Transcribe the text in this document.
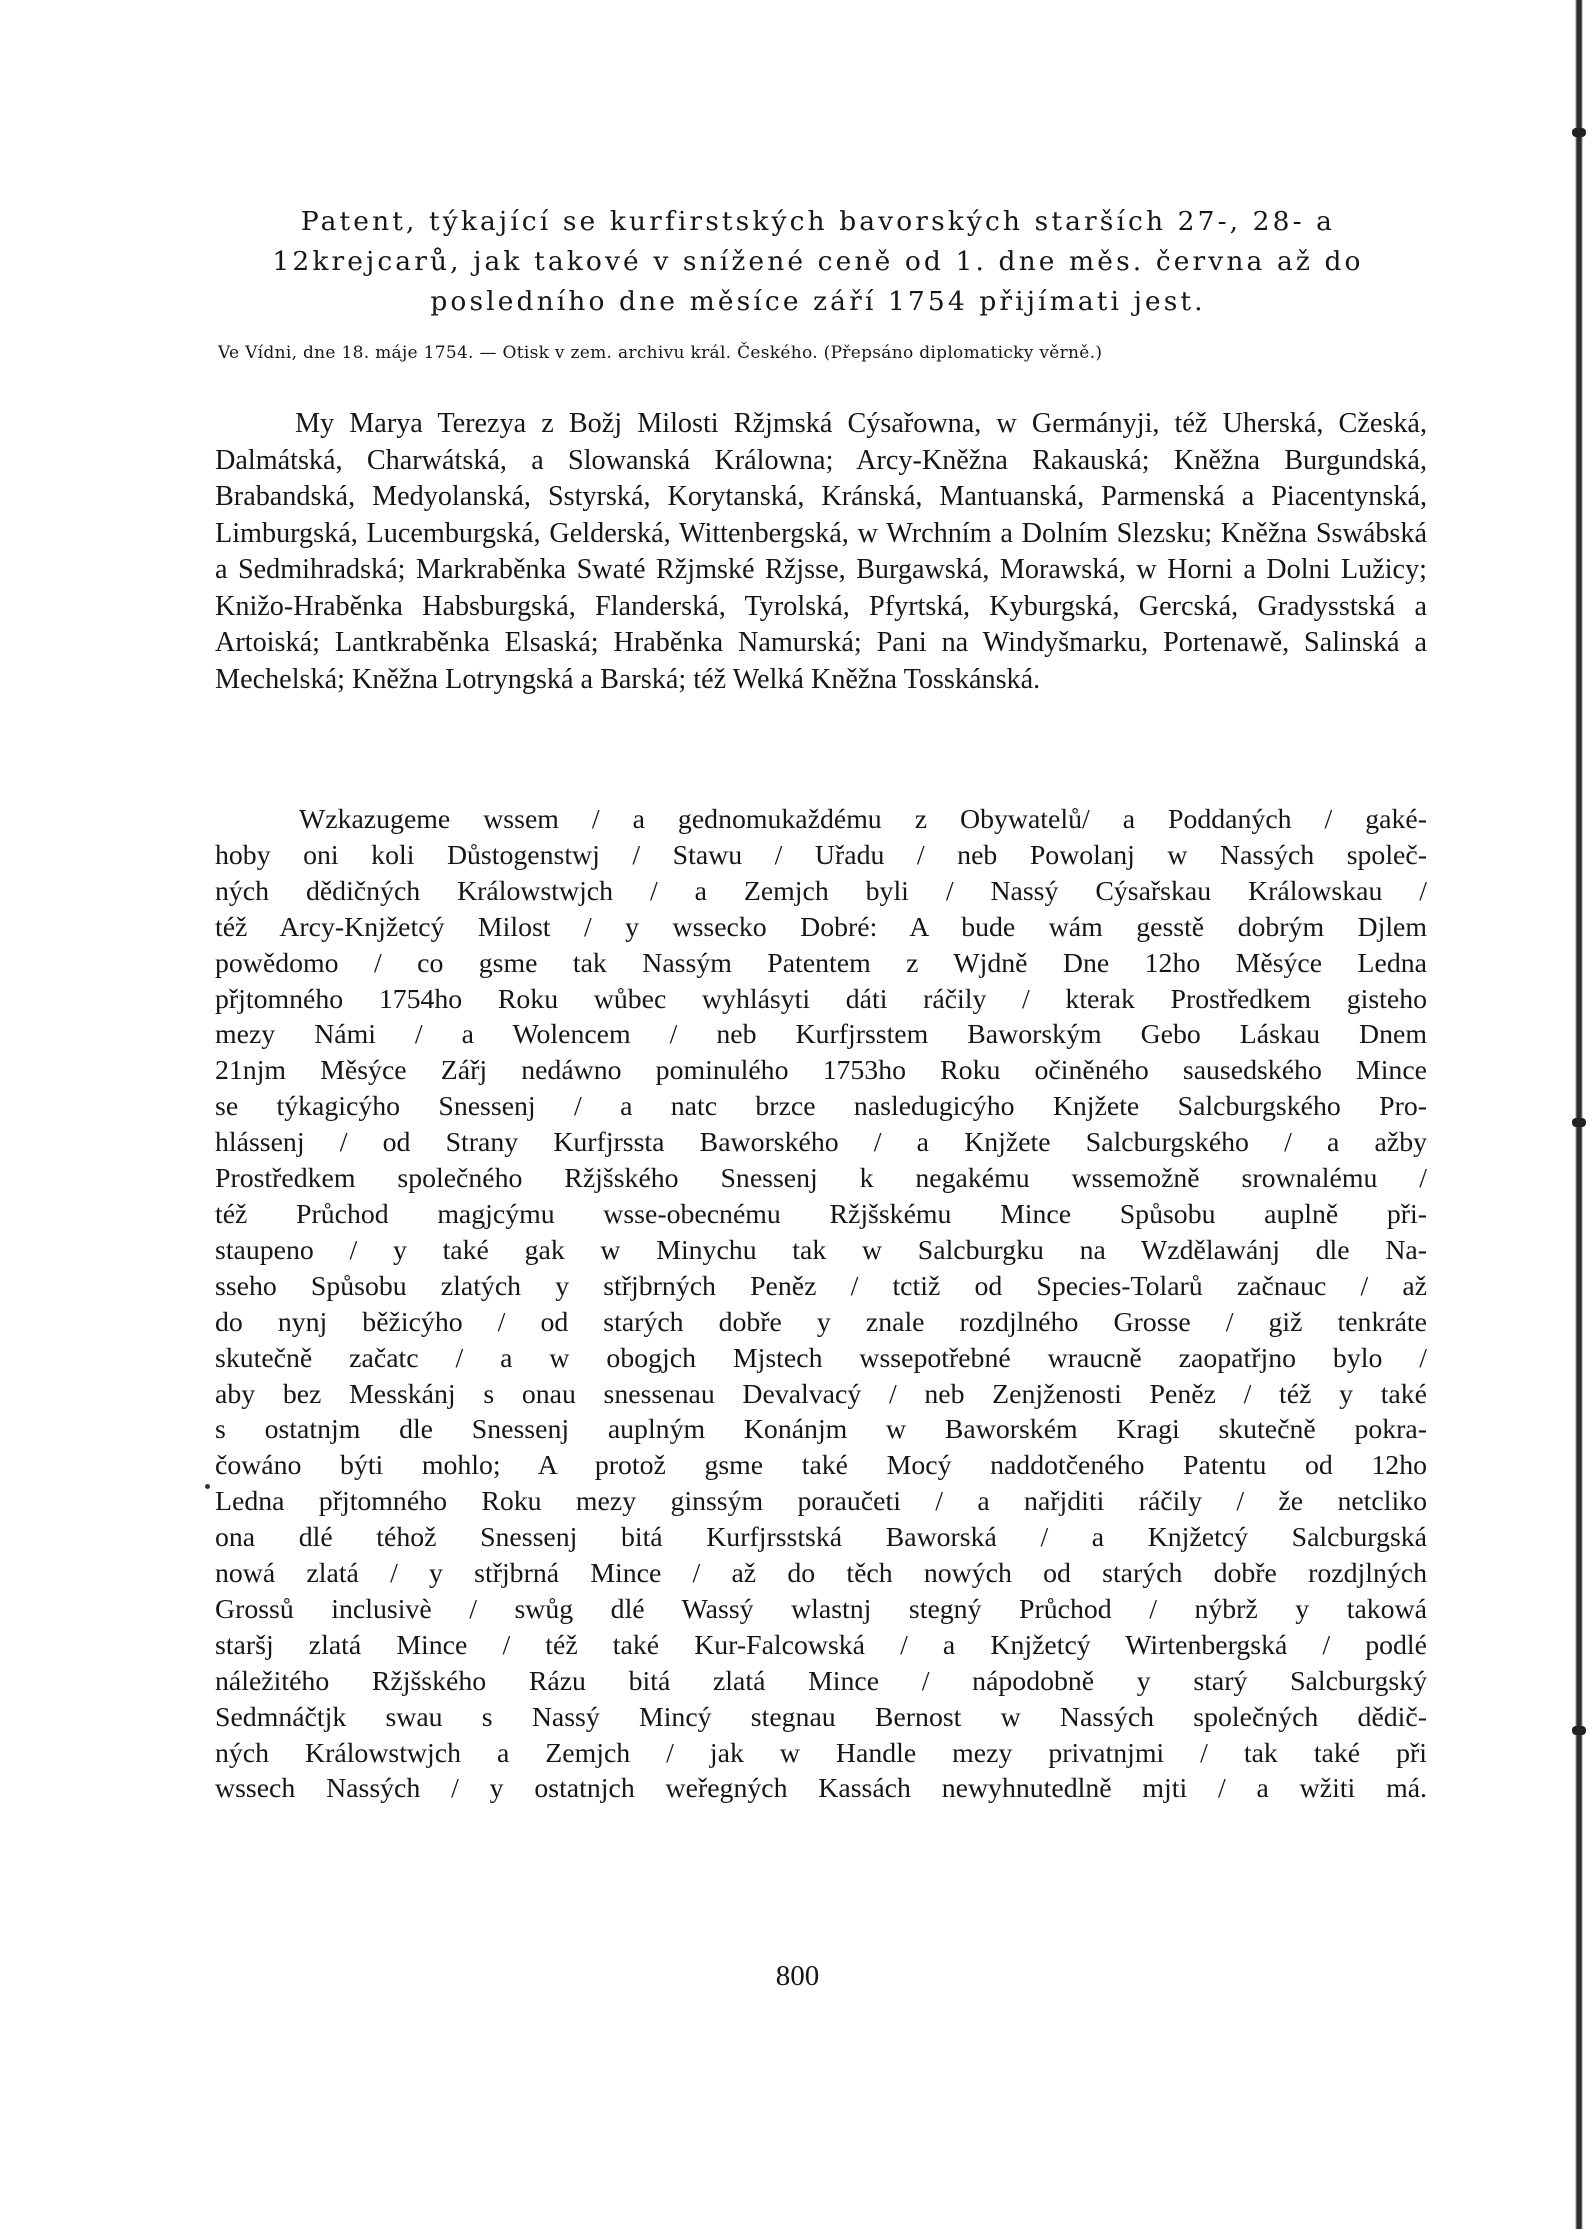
Patent, týkající se kurfirstských bavorských starších 27-, 28- a 12krejcarů, jak takové v snížené ceně od 1. dne měs. června až do posledního dne měsíce září 1754 přijímati jest.
Ve Vídni, dne 18. máje 1754. — Otisk v zem. archivu král. Českého. (Přepsáno diplomaticky věrně.)
My Marya Terezya z Božj Milosti Ržjmská Cýsařowna, w Germányji, též Uherská, Cžeská, Dalmátská, Charwátská, a Slowanská Králowna; Arcy-Kněžna Rakauská; Kněžna Burgundská, Brabandská, Medyolanská, Sstyrská, Korytanská, Kránská, Mantuanská, Parmenská a Piacentynská, Limburgská, Lucemburgská, Gelderská, Wittenbergská, w Wrchním a Dolním Slezsku; Kněžna Sswábská a Sedmihradská; Markraběnka Swaté Ržjmské Ržjsse, Burgawská, Morawská, w Horni a Dolni Lužicy; Knižo-Hraběnka Habsburgská, Flanderská, Tyrolská, Pfyrtská, Kyburgská, Gercská, Gradysstská a Artoiská; Lantkraběnka Elsaská; Hraběnka Namurská; Pani na Windyšmarku, Portenawě, Salinská a Mechelská; Kněžna Lotryngská a Barská; též Welká Kněžna Tosskánská.
Wzkazugeme wssem / a gednomukaždému z Obywatelů/ a Poddaných / gaké-
hoby oni koli Důstogenstwj / Stawu / Uřadu / neb Powolanj w Nassých společ-
ných dědičných Králowstwjch / a Zemjch byli / Nassý Cýsařskau Králowskau /
též Arcy-Knjžetcý Milost / y wssecko Dobré: A bude wám gesstě dobrým Djlem
powědomo / co gsme tak Nassým Patentem z Wjdně Dne 12ho Měsýce Ledna
přjtomného 1754ho Roku wůbec wyhlásyti dáti ráčily / kterak Prostředkem gisteho
mezy Námi / a Wolencem / neb Kurfjrsstem Baworským Gebo Láskau Dnem
21njm Měsýce Zářj nedáwno pominulého 1753ho Roku očiněného sausedského Mince
se týkagicýho Snessenj / a natc brzce nasledugicýho Knjžete Salcburgského Pro-
hlássenj / od Strany Kurfjrssta Baworského / a Knjžete Salcburgského / a ažby
Prostředkem společného Ržjšského Snessenj k negakému wssemožně srownalému /
též Průchod magjcýmu wsse-obecnému Ržjšskému Mince Spůsobu auplně při-
staupeno / y také gak w Minychu tak w Salcburgku na Wzdělawánj dle Na-
sseho Spůsobu zlatých y střjbrných Peněz / tctiž od Species-Tolarů začnauc / až
do nynj běžicýho / od starých dobře y znale rozdjlného Grosse / giž tenkráte
skutečně začatc / a w obogjch Mjstech wssepotřebné wraucně zaopatřjno bylo /
aby bez Messkánj s onau snessenau Devalvacý / neb Zenjženosti Peněz / též y také
s ostatnjm dle Snessenj auplným Konánjm w Baworském Kragi skutečně pokra-
čowáno býti mohlo; A protož gsme také Mocý naddotčeného Patentu od 12ho
Ledna přjtomného Roku mezy ginssým poraučeti / a nařjditi ráčily / že netcliko
ona dlé téhož Snessenj bitá Kurfjrsstská Baworská / a Knjžetcý Salcburgská
nowá zlatá / y střjbrná Mince / až do těch nowých od starých dobře rozdjlných
Grossů inclusivè / swůg dlé Wassý wlastnj stegný Průchod / nýbrž y takowá
staršj zlatá Mince / též také Kur-Falcowská / a Knjžetcý Wirtenbergská / podlé
náležitého Ržjšského Rázu bitá zlatá Mince / nápodobně y starý Salcburgský
Sedmnáčtjk swau s Nassý Mincý stegnau Bernost w Nassých společných dědič-
ných Králowstwjch a Zemjch / jak w Handle mezy privatnjmi / tak také při
wssech Nassých / y ostatnjch weřegných Kassách newyhnutedlně mjti / a wžiti má.
800
